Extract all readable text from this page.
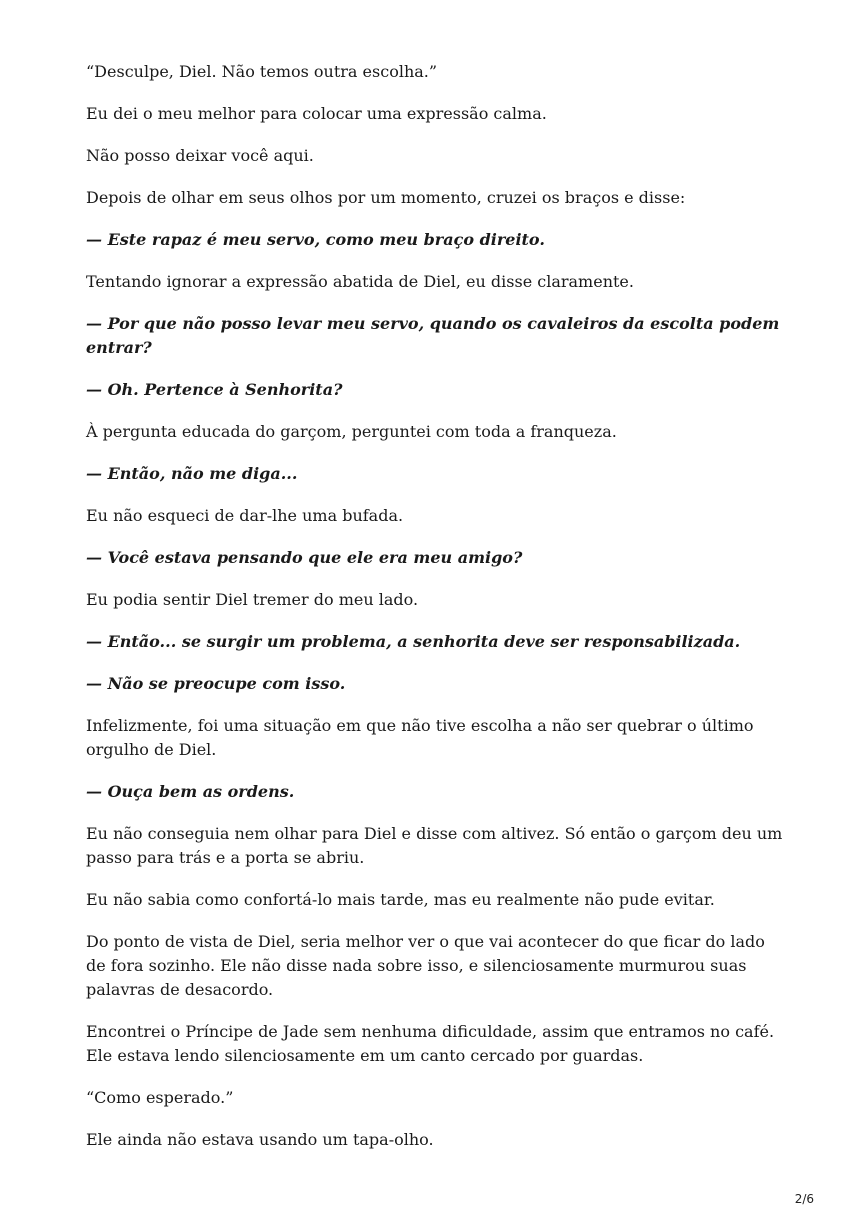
“Desculpe, Diel. Não temos outra escolha.”

Eu dei o meu melhor para colocar uma expressão calma.

Não posso deixar você aqui.

Depois de olhar em seus olhos por um momento, cruzei os braços e disse:

— Este rapaz é meu servo, como meu braço direito.

Tentando ignorar a expressão abatida de Diel, eu disse claramente.

— Por que não posso levar meu servo, quando os cavaleiros da escolta podem entrar?

— Oh. Pertence à Senhorita?

À pergunta educada do garçom, perguntei com toda a franqueza.

— Então, não me diga...

Eu não esqueci de dar-lhe uma bufada.

— Você estava pensando que ele era meu amigo?

Eu podia sentir Diel tremer do meu lado.

— Então... se surgir um problema, a senhorita deve ser responsabilizada.

— Não se preocupe com isso.

Infelizmente, foi uma situação em que não tive escolha a não ser quebrar o último orgulho de Diel.

— Ouça bem as ordens.

Eu não conseguia nem olhar para Diel e disse com altivez. Só então o garçom deu um passo para trás e a porta se abriu.

Eu não sabia como confortá-lo mais tarde, mas eu realmente não pude evitar.

Do ponto de vista de Diel, seria melhor ver o que vai acontecer do que ficar do lado de fora sozinho. Ele não disse nada sobre isso, e silenciosamente murmurou suas palavras de desacordo.

Encontrei o Príncipe de Jade sem nenhuma dificuldade, assim que entramos no café. Ele estava lendo silenciosamente em um canto cercado por guardas.

“Como esperado.”

Ele ainda não estava usando um tapa-olho.

2/6
